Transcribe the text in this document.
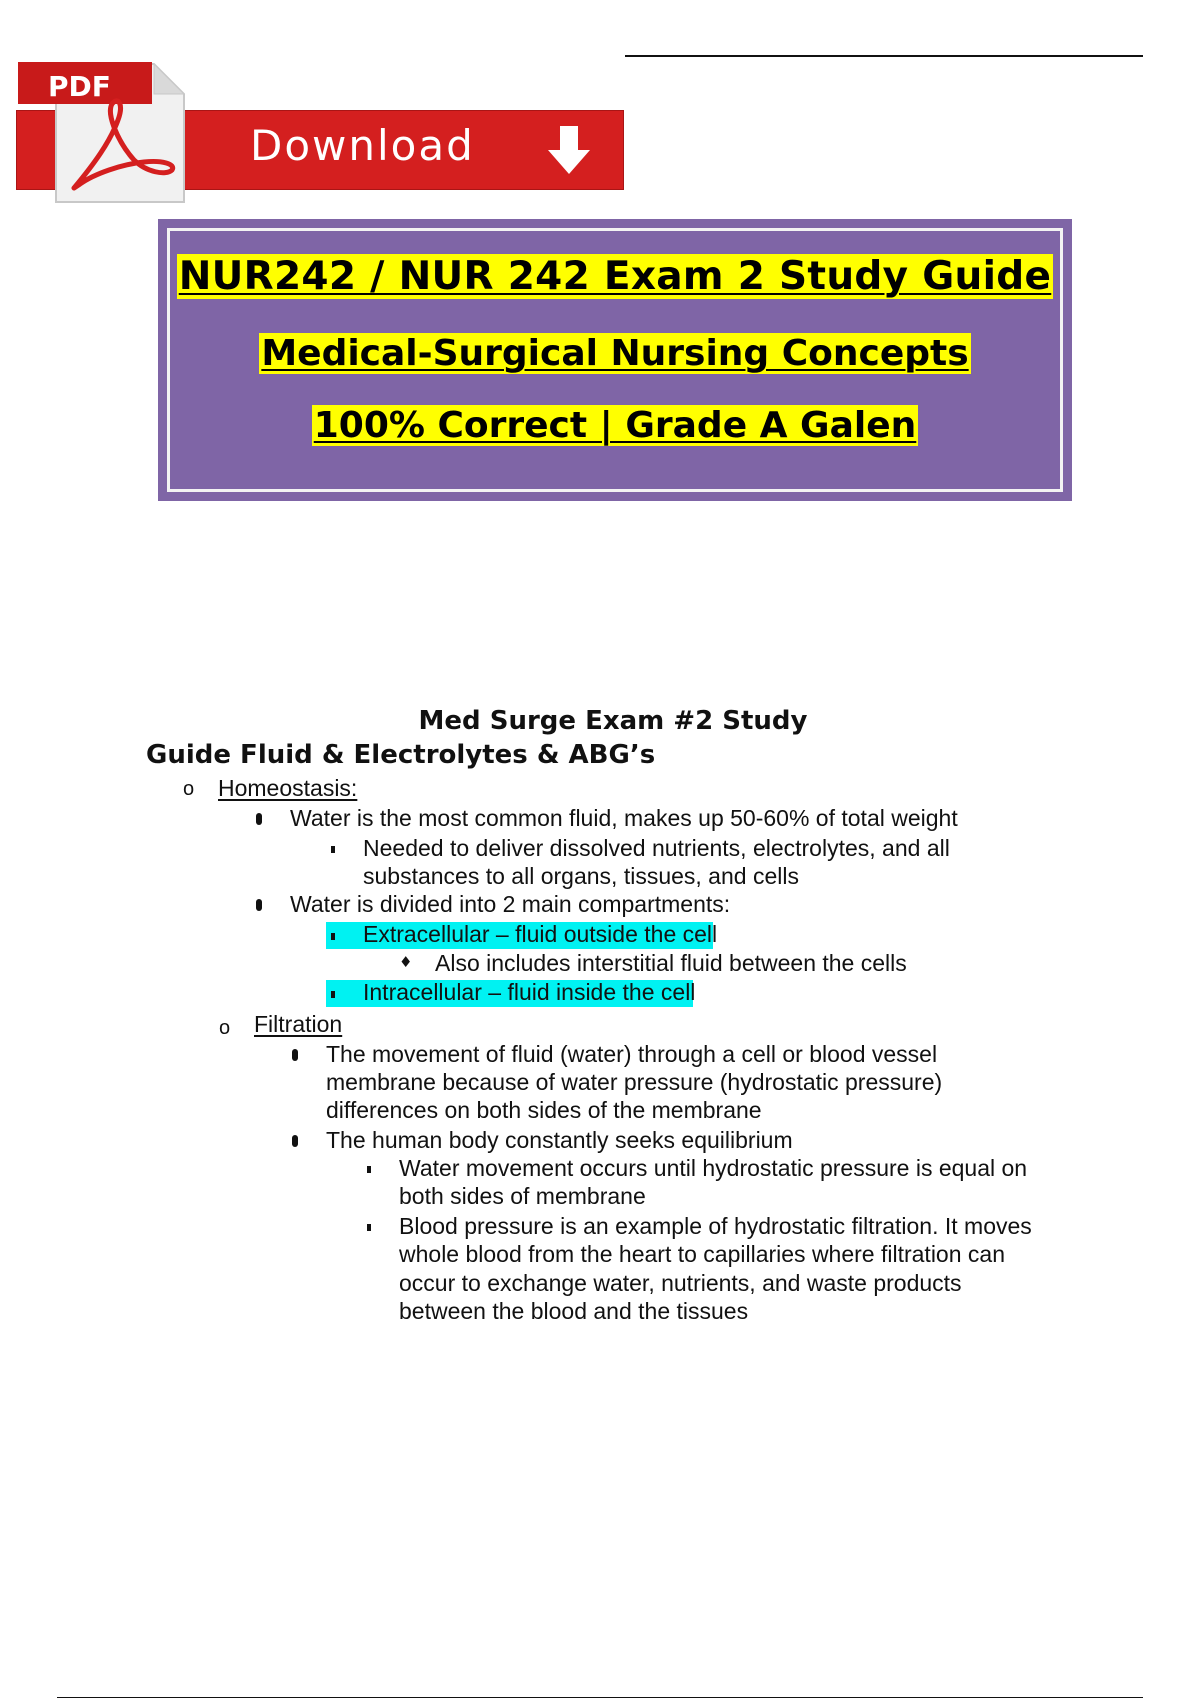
Download
PDF
NUR242 / NUR 242 Exam 2 Study Guide
Medical-Surgical Nursing Concepts
100% Correct | Grade A Galen
Med Surge Exam #2 Study
Guide Fluid & Electrolytes & ABG’s
o Homeostasis:
Water is the most common fluid, makes up 50-60% of total weight
Needed to deliver dissolved nutrients, electrolytes, and all
substances to all organs, tissues, and cells
Water is divided into 2 main compartments:
Extracellular – fluid outside the cell
♦ Also includes interstitial fluid between the cells
Intracellular – fluid inside the cell
o Filtration
The movement of fluid (water) through a cell or blood vessel
membrane because of water pressure (hydrostatic pressure)
differences on both sides of the membrane
The human body constantly seeks equilibrium
Water movement occurs until hydrostatic pressure is equal on
both sides of membrane
Blood pressure is an example of hydrostatic filtration. It moves
whole blood from the heart to capillaries where filtration can
occur to exchange water, nutrients, and waste products
between the blood and the tissues
